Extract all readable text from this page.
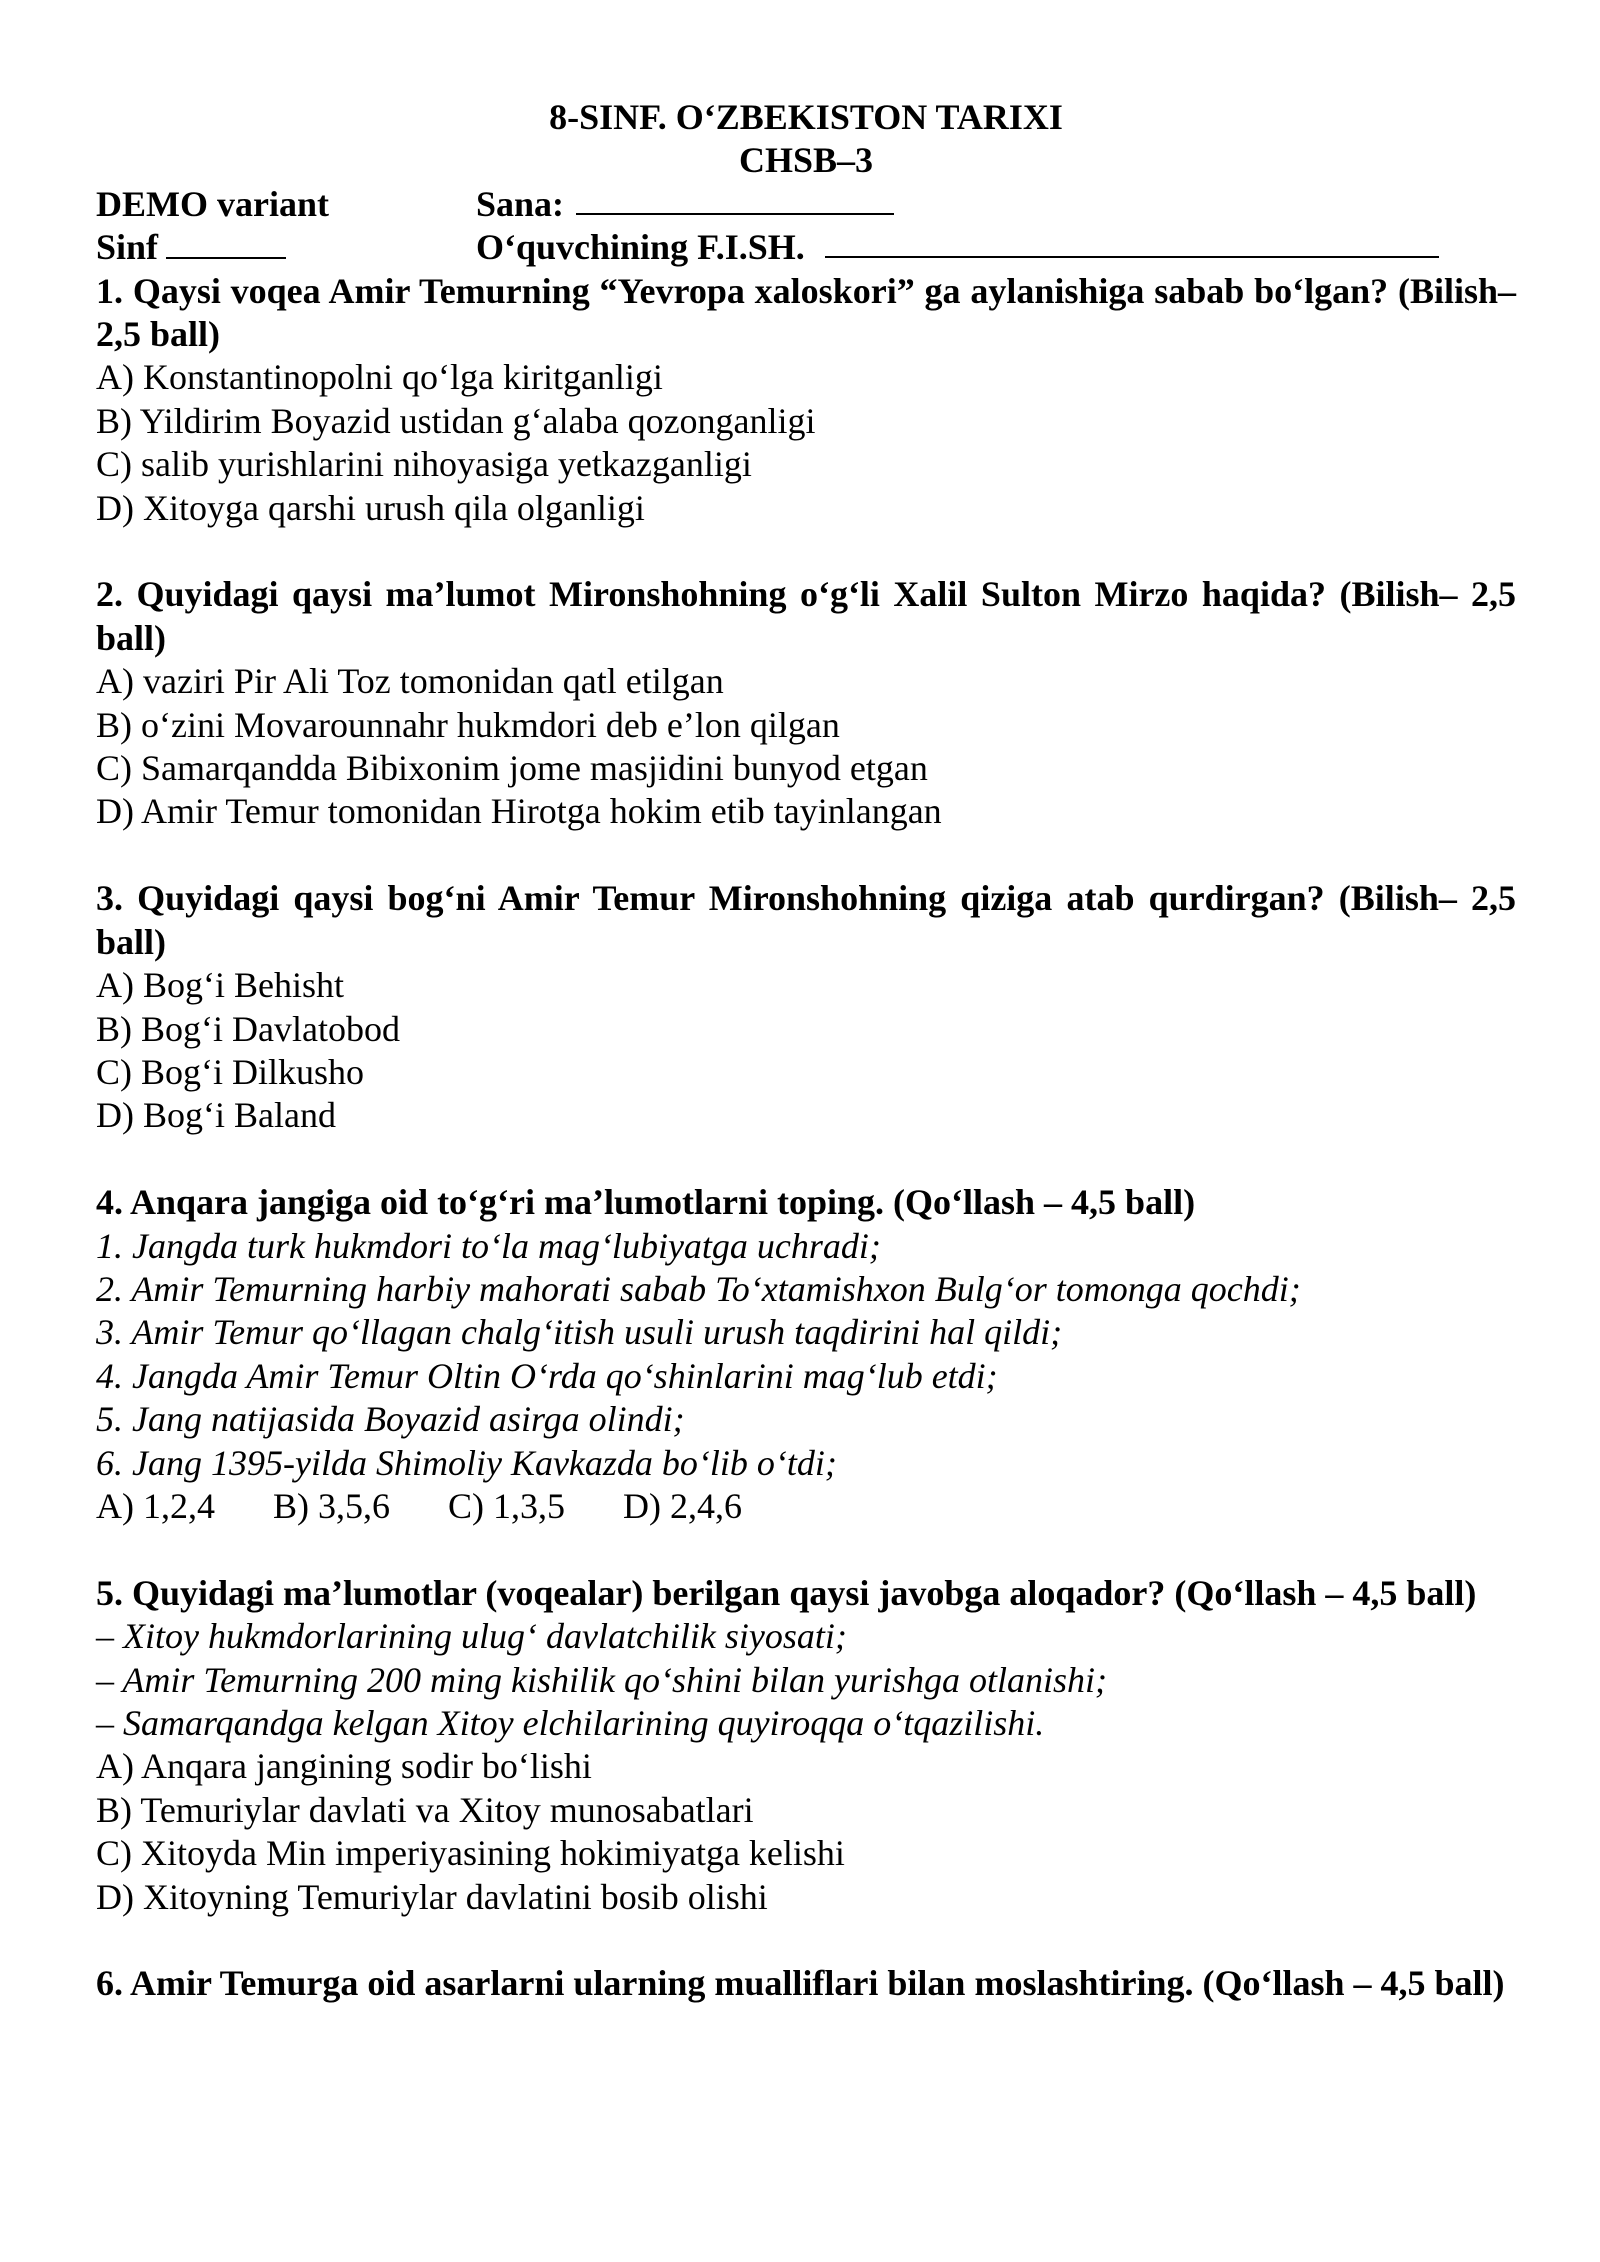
8-SINF. O‘ZBEKISTON TARIXI
CHSB–3
DEMO variant	Sana:
Sinf	O‘quvchining F.I.SH.
1. Qaysi voqea Amir Temurning “Yevropa xaloskori” ga aylanishiga sabab bo‘lgan? (Bilish–2,5 ball)
A) Konstantinopolni qo‘lga kiritganligi
B) Yildirim Boyazid ustidan g‘alaba qozonganligi
C) salib yurishlarini nihoyasiga yetkazganligi
D) Xitoyga qarshi urush qila olganligi
2. Quyidagi qaysi ma’lumot Mironshohning o‘g‘li Xalil Sulton Mirzo haqida? (Bilish– 2,5 ball)
A) vaziri Pir Ali Toz tomonidan qatl etilgan
B) o‘zini Movarounnahr hukmdori deb e’lon qilgan
C) Samarqandda Bibixonim jome masjidini bunyod etgan
D) Amir Temur tomonidan Hirotga hokim etib tayinlangan
3. Quyidagi qaysi bog‘ni Amir Temur Mironshohning qiziga atab qurdirgan? (Bilish– 2,5 ball)
A) Bog‘i Behisht
B) Bog‘i Davlatobod
C) Bog‘i Dilkusho
D) Bog‘i Baland
4. Anqara jangiga oid to‘g‘ri ma’lumotlarni toping. (Qo‘llash – 4,5 ball)
1. Jangda turk hukmdori to‘la mag‘lubiyatga uchradi;
2. Amir Temurning harbiy mahorati sabab To‘xtamishxon Bulg‘or tomonga qochdi;
3. Amir Temur qo‘llagan chalg‘itish usuli urush taqdirini hal qildi;
4. Jangda Amir Temur Oltin O‘rda qo‘shinlarini mag‘lub etdi;
5. Jang natijasida Boyazid asirga olindi;
6. Jang 1395-yilda Shimoliy Kavkazda bo‘lib o‘tdi;
A) 1,2,4 B) 3,5,6 C) 1,3,5 D) 2,4,6
5. Quyidagi ma’lumotlar (voqealar) berilgan qaysi javobga aloqador? (Qo‘llash – 4,5 ball)
– Xitoy hukmdorlarining ulug‘ davlatchilik siyosati;
– Amir Temurning 200 ming kishilik qo‘shini bilan yurishga otlanishi;
– Samarqandga kelgan Xitoy elchilarining quyiroqqa o‘tqazilishi.
A) Anqara jangining sodir bo‘lishi
B) Temuriylar davlati va Xitoy munosabatlari
C) Xitoyda Min imperiyasining hokimiyatga kelishi
D) Xitoyning Temuriylar davlatini bosib olishi
6. Amir Temurga oid asarlarni ularning mualliflari bilan moslashtiring. (Qo‘llash – 4,5 ball)
